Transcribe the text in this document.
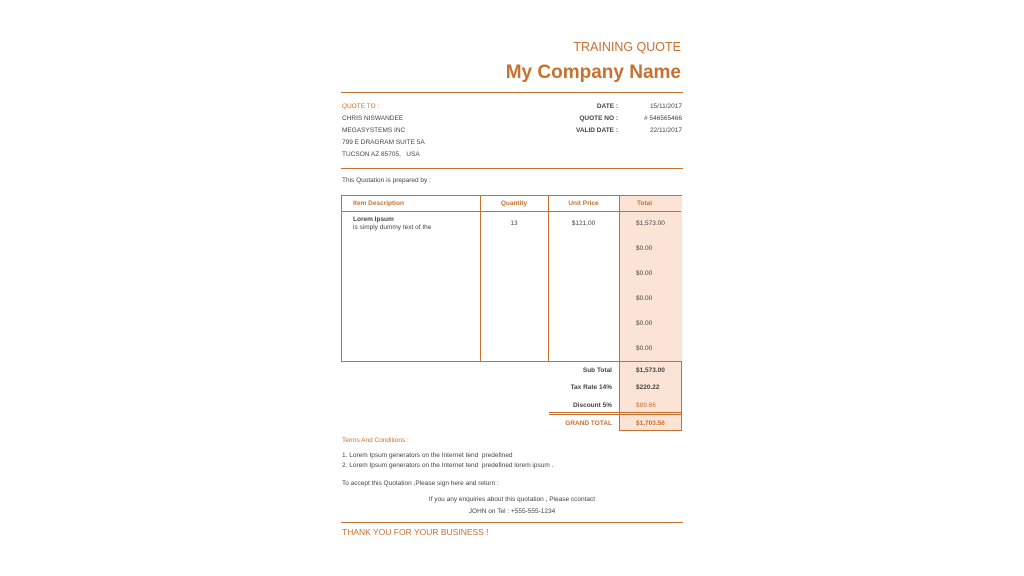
TRAINING QUOTE
My Company Name
QUOTE TO :
CHRIS NISWANDEE
MEGASYSTEMS INC
799 E DRAGRAM SUITE 5A
TUCSON AZ 85705,   USA
DATE :	15/11/2017
QUOTE NO :	# 546565466
VALID DATE :	22/11/2017
This Quotation is prepared by :
Item Description	Quantity	Unit Price	Total
Lorem Ipsum
is simply dummy text of the
13	$121,00	$1,573.00
$0.00
$0.00
$0.00
$0.00
$0.00
Sub Total	$1,573.00
Tax Rate 14%	$220.22
Discount 5%	$89.66
GRAND TOTAL	$1,703.56
Terms And Conditions :
1. Lorem Ipsum generators on the Internet tend  predefined
2. Lorem Ipsum generators on the Internet tend  predefined lorem ipsum .
To accept this Quotation ,Please sign here and return :
If you any enquiries about this quotation , Please ccontact
JOHN on Tel : +555-555-1234
THANK YOU FOR YOUR BUSINESS !
